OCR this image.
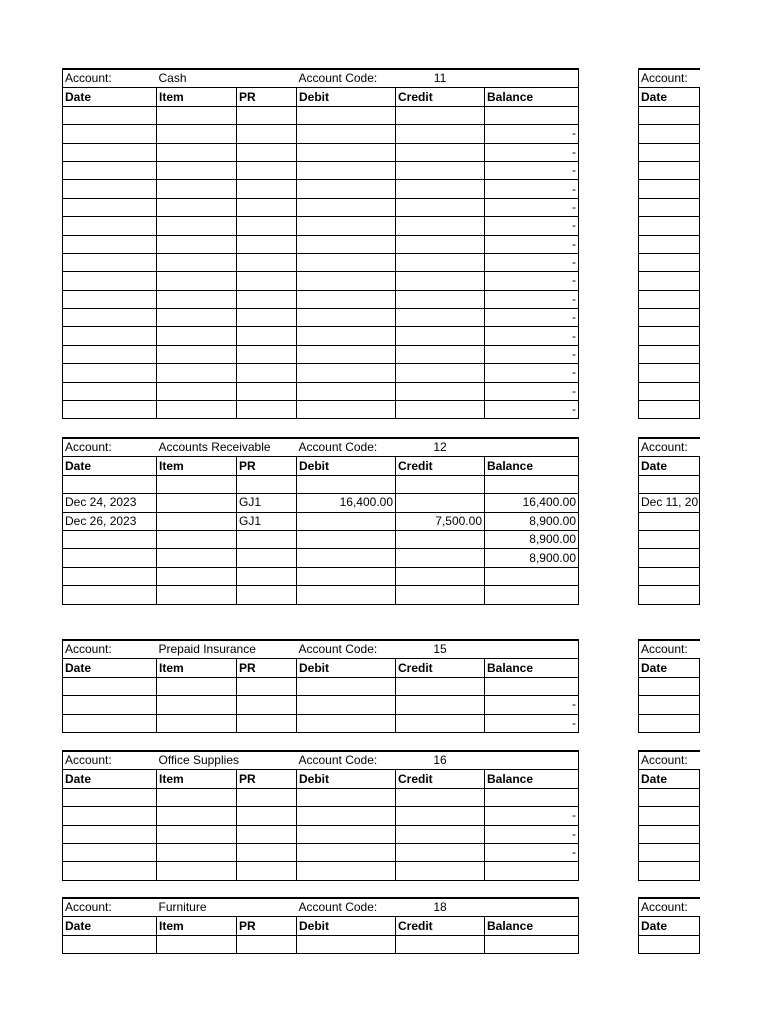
Account:	Cash		Account Code:	11	
Date	Item	PR	Debit	Credit	Balance

					-
					-
					-
					-
					-
					-
					-
					-
					-
					-
					-
					-
					-
					-
					-
					-
Account:	Accounts Receivable		Account Code:	12	
Date	Item	PR	Debit	Credit	Balance

Dec 24, 2023		GJ1	16,400.00		16,400.00
Dec 26, 2023		GJ1		7,500.00	8,900.00
					8,900.00
					8,900.00

Account:	Prepaid Insurance		Account Code:	15	
Date	Item	PR	Debit	Credit	Balance

					-
					-
Account:	Office Supplies		Account Code:	16	
Date	Item	PR	Debit	Credit	Balance

					-
					-
					-

Account:	Furniture		Account Code:	18	
Date	Item	PR	Debit	Credit	Balance

Account:
Date

Account:
Date

Dec 11, 20

Account:
Date

Account:
Date

Account:
Date
